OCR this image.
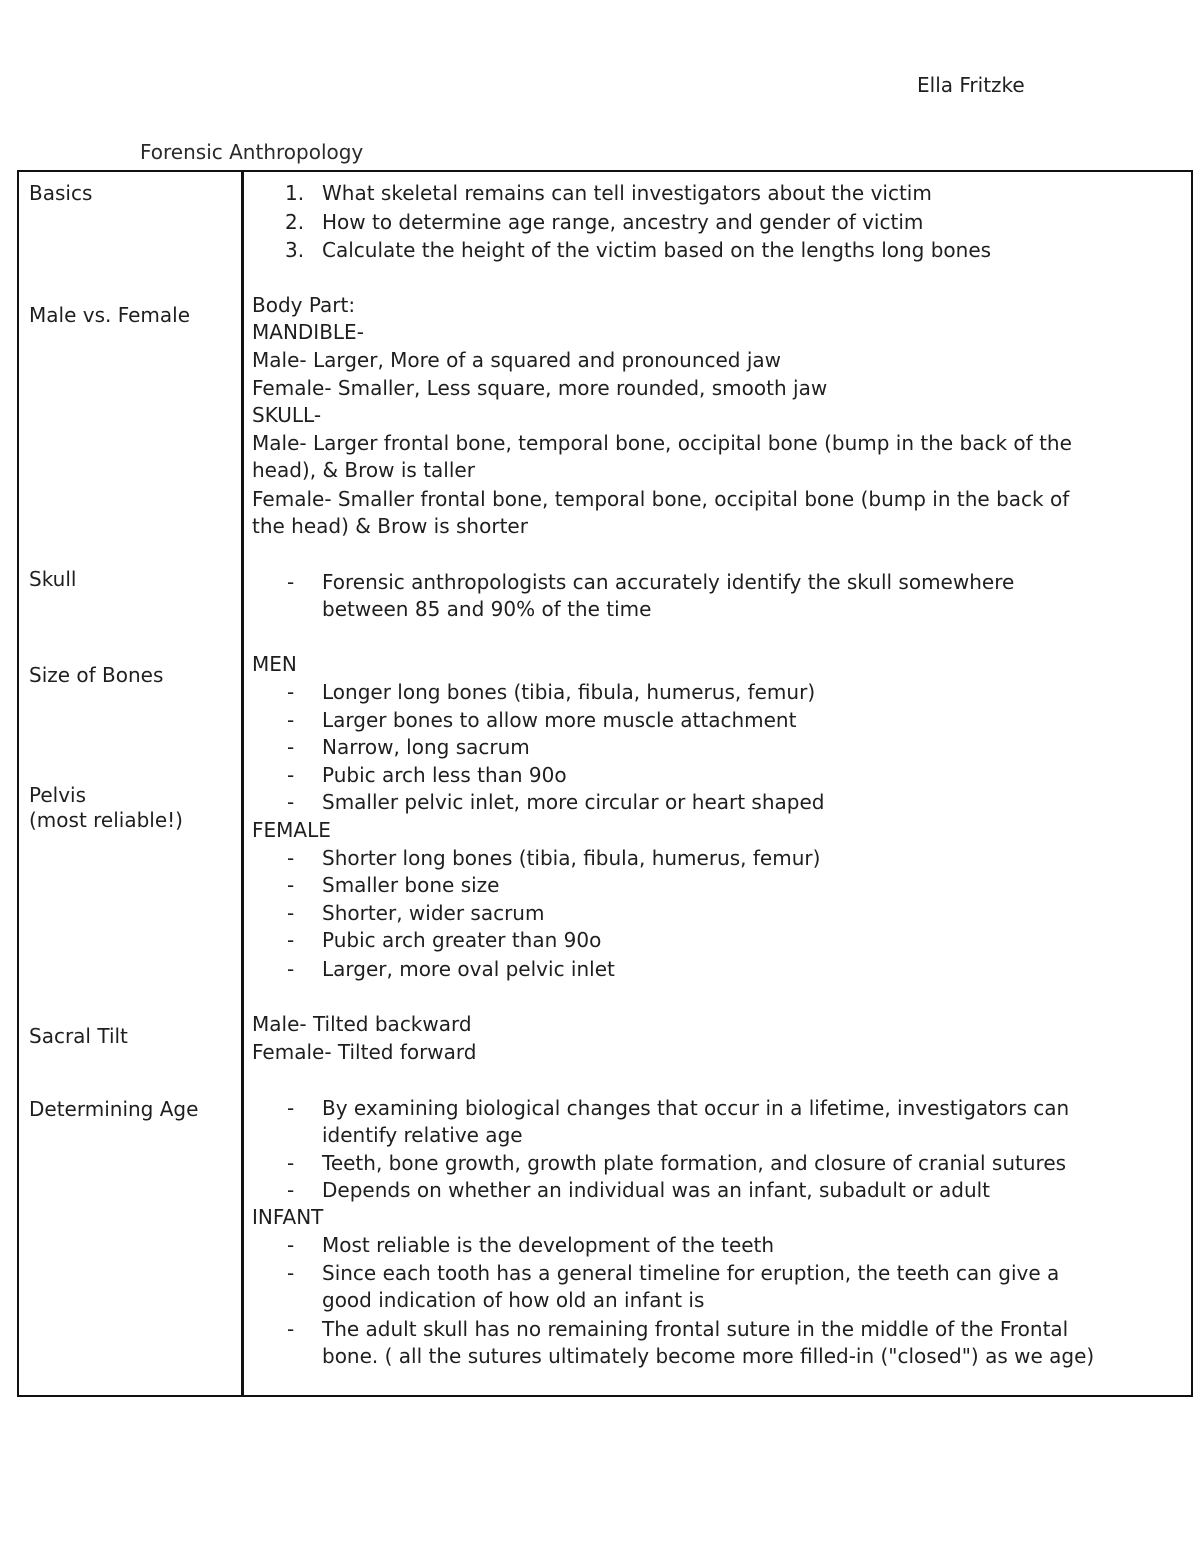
Ella Fritzke
Forensic Anthropology
Basics
Male vs. Female
Skull
Size of Bones
Pelvis
(most reliable!)
Sacral Tilt
Determining Age
1. What skeletal remains can tell investigators about the victim
2. How to determine age range, ancestry and gender of victim
3. Calculate the height of the victim based on the lengths long bones
Body Part:
MANDIBLE-
Male- Larger, More of a squared and pronounced jaw
Female- Smaller, Less square, more rounded, smooth jaw
SKULL-
Male- Larger frontal bone, temporal bone, occipital bone (bump in the back of the
head), & Brow is taller
Female- Smaller frontal bone, temporal bone, occipital bone (bump in the back of
the head) & Brow is shorter
- Forensic anthropologists can accurately identify the skull somewhere
between 85 and 90% of the time
MEN
- Longer long bones (tibia, fibula, humerus, femur)
- Larger bones to allow more muscle attachment
- Narrow, long sacrum
- Pubic arch less than 90o
- Smaller pelvic inlet, more circular or heart shaped
FEMALE
- Shorter long bones (tibia, fibula, humerus, femur)
- Smaller bone size
- Shorter, wider sacrum
- Pubic arch greater than 90o
- Larger, more oval pelvic inlet
Male- Tilted backward
Female- Tilted forward
- By examining biological changes that occur in a lifetime, investigators can
identify relative age
- Teeth, bone growth, growth plate formation, and closure of cranial sutures
- Depends on whether an individual was an infant, subadult or adult
INFANT
- Most reliable is the development of the teeth
- Since each tooth has a general timeline for eruption, the teeth can give a
good indication of how old an infant is
- The adult skull has no remaining frontal suture in the middle of the Frontal
bone. ( all the sutures ultimately become more filled-in ("closed") as we age)
